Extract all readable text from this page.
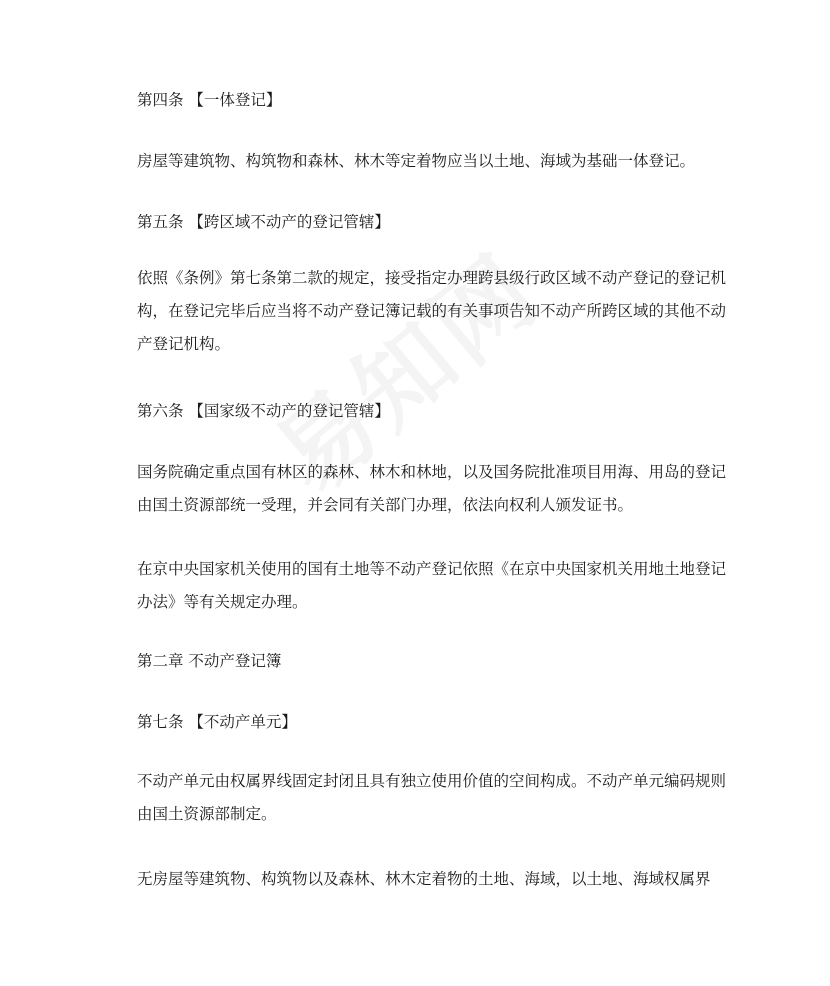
第四条 【一体登记】

房屋等建筑物、构筑物和森林、林木等定着物应当以土地、海域为基础一体登记。

第五条 【跨区域不动产的登记管辖】

依照《条例》第七条第二款的规定，接受指定办理跨县级行政区域不动产登记的登记机构，在登记完毕后应当将不动产登记簿记载的有关事项告知不动产所跨区域的其他不动产登记机构。

第六条 【国家级不动产的登记管辖】

国务院确定重点国有林区的森林、林木和林地，以及国务院批准项目用海、用岛的登记由国土资源部统一受理，并会同有关部门办理，依法向权利人颁发证书。

在京中央国家机关使用的国有土地等不动产登记依照《在京中央国家机关用地土地登记办法》等有关规定办理。

第二章 不动产登记簿

第七条 【不动产单元】

不动产单元由权属界线固定封闭且具有独立使用价值的空间构成。不动产单元编码规则由国土资源部制定。

无房屋等建筑物、构筑物以及森林、林木定着物的土地、海域，以土地、海域权属界
